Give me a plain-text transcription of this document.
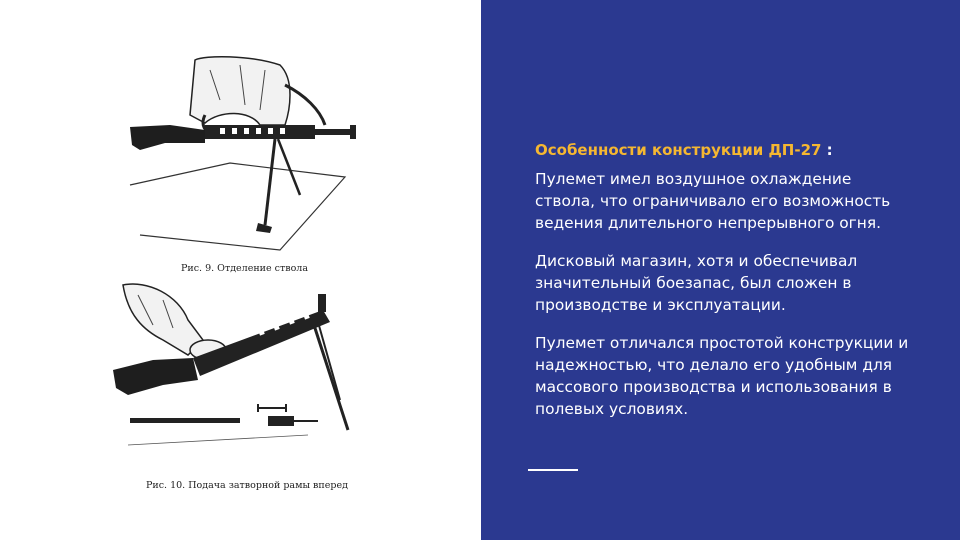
Рис. 9. Отделение ствола
Рис. 10. Подача затворной рамы вперед
Особенности конструкции ДП-27 :
Пулемет имел воздушное охлаждение ствола, что ограничивало его возможность ведения длительного непрерывного огня.
Дисковый магазин, хотя и обеспечивал значительный боезапас, был сложен в производстве и эксплуатации.
Пулемет отличался простотой конструкции и надежностью, что делало его удобным для массового производства и использования в полевых условиях.
